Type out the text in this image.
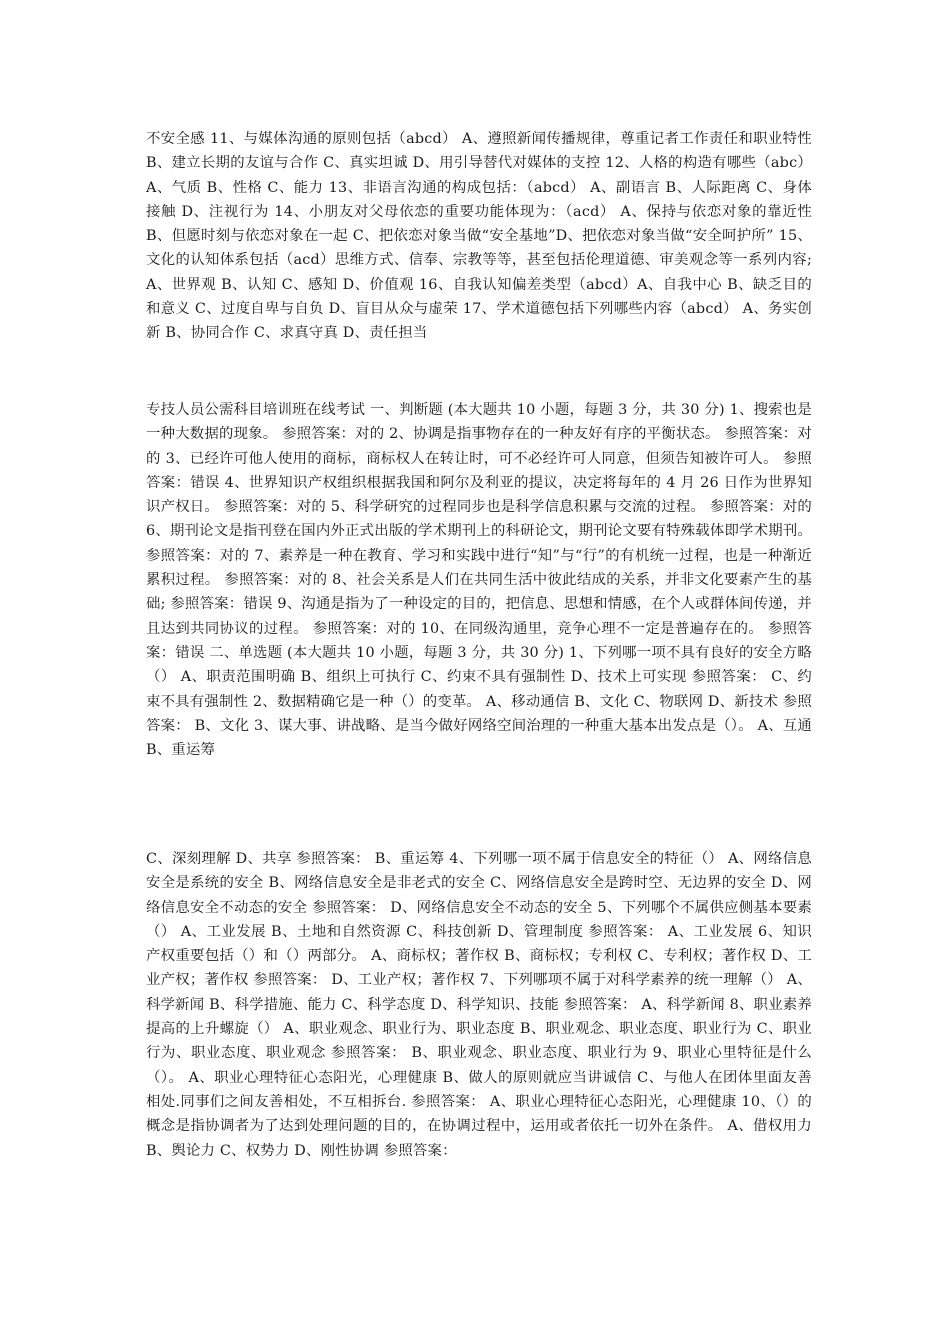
不安全感 11、与媒体沟通的原则包括（abcd） A、遵照新闻传播规律，尊重记者工作责任和职业特性 B、建立长期的友谊与合作 C、真实坦诚 D、用引导替代对媒体的支控 12、人格的构造有哪些（abc） A、气质 B、性格 C、能力 13、非语言沟通的构成包括：（abcd） A、副语言 B、人际距离 C、身体接触 D、注视行为 14、小朋友对父母依恋的重要功能体现为：（acd） A、保持与依恋对象的靠近性 B、但愿时刻与依恋对象在一起 C、把依恋对象当做“安全基地”D、把依恋对象当做“安全呵护所” 15、文化的认知体系包括（acd）思维方式、信奉、宗教等等，甚至包括伦理道德、审美观念等一系列内容; A、世界观 B、认知 C、感知 D、价值观 16、自我认知偏差类型（abcd）A、自我中心 B、缺乏目的和意义 C、过度自卑与自负 D、盲目从众与虚荣 17、学术道德包括下列哪些内容（abcd） A、务实创新 B、协同合作 C、求真守真 D、责任担当

专技人员公需科目培训班在线考试 一、判断题 (本大题共 10 小题，每题 3 分，共 30 分) 1、搜索也是一种大数据的现象。 参照答案：对的 2、协调是指事物存在的一种友好有序的平衡状态。 参照答案：对的 3、已经许可他人使用的商标，商标权人在转让时，可不必经许可人同意，但须告知被许可人。 参照答案：错误 4、世界知识产权组织根据我国和阿尔及利亚的提议，决定将每年的 4 月 26 日作为世界知识产权日。 参照答案：对的 5、科学研究的过程同步也是科学信息积累与交流的过程。 参照答案：对的 6、期刊论文是指刊登在国内外正式出版的学术期刊上的科研论文，期刊论文要有特殊载体即学术期刊。 参照答案：对的 7、素养是一种在教育、学习和实践中进行“知”与“行”的有机统一过程，也是一种渐近累积过程。 参照答案：对的 8、社会关系是人们在共同生活中彼此结成的关系，并非文化要素产生的基础; 参照答案：错误 9、沟通是指为了一种设定的目的，把信息、思想和情感，在个人或群体间传递，并且达到共同协议的过程。 参照答案：对的 10、在同级沟通里，竞争心理不一定是普遍存在的。 参照答案：错误 二、单选题 (本大题共 10 小题，每题 3 分，共 30 分) 1、下列哪一项不具有良好的安全方略（） A、职责范围明确 B、组织上可执行 C、约束不具有强制性 D、技术上可实现 参照答案： C、约束不具有强制性 2、数据精确它是一种（）的变革。 A、移动通信 B、文化 C、物联网 D、新技术 参照答案： B、文化 3、谋大事、讲战略、是当今做好网络空间治理的一种重大基本出发点是（）。 A、互通 B、重运筹

C、深刻理解 D、共享 参照答案： B、重运筹 4、下列哪一项不属于信息安全的特征（） A、网络信息安全是系统的安全 B、网络信息安全是非老式的安全 C、网络信息安全是跨时空、无边界的安全 D、网络信息安全不动态的安全 参照答案： D、网络信息安全不动态的安全 5、下列哪个不属供应侧基本要素（） A、工业发展 B、土地和自然资源 C、科技创新 D、管理制度 参照答案： A、工业发展 6、知识产权重要包括（）和（）两部分。 A、商标权；著作权 B、商标权；专利权 C、专利权；著作权 D、工业产权；著作权 参照答案： D、工业产权；著作权 7、下列哪项不属于对科学素养的统一理解（） A、科学新闻 B、科学措施、能力 C、科学态度 D、科学知识、技能 参照答案： A、科学新闻 8、职业素养提高的上升螺旋（） A、职业观念、职业行为、职业态度 B、职业观念、职业态度、职业行为 C、职业行为、职业态度、职业观念 参照答案： B、职业观念、职业态度、职业行为 9、职业心里特征是什么（）。 A、职业心理特征心态阳光，心理健康 B、做人的原则就应当讲诚信 C、与他人在团体里面友善相处.同事们之间友善相处，不互相拆台. 参照答案： A、职业心理特征心态阳光，心理健康 10、（）的概念是指协调者为了达到处理问题的目的，在协调过程中，运用或者依托一切外在条件。 A、借权用力 B、舆论力 C、权势力 D、刚性协调 参照答案：
